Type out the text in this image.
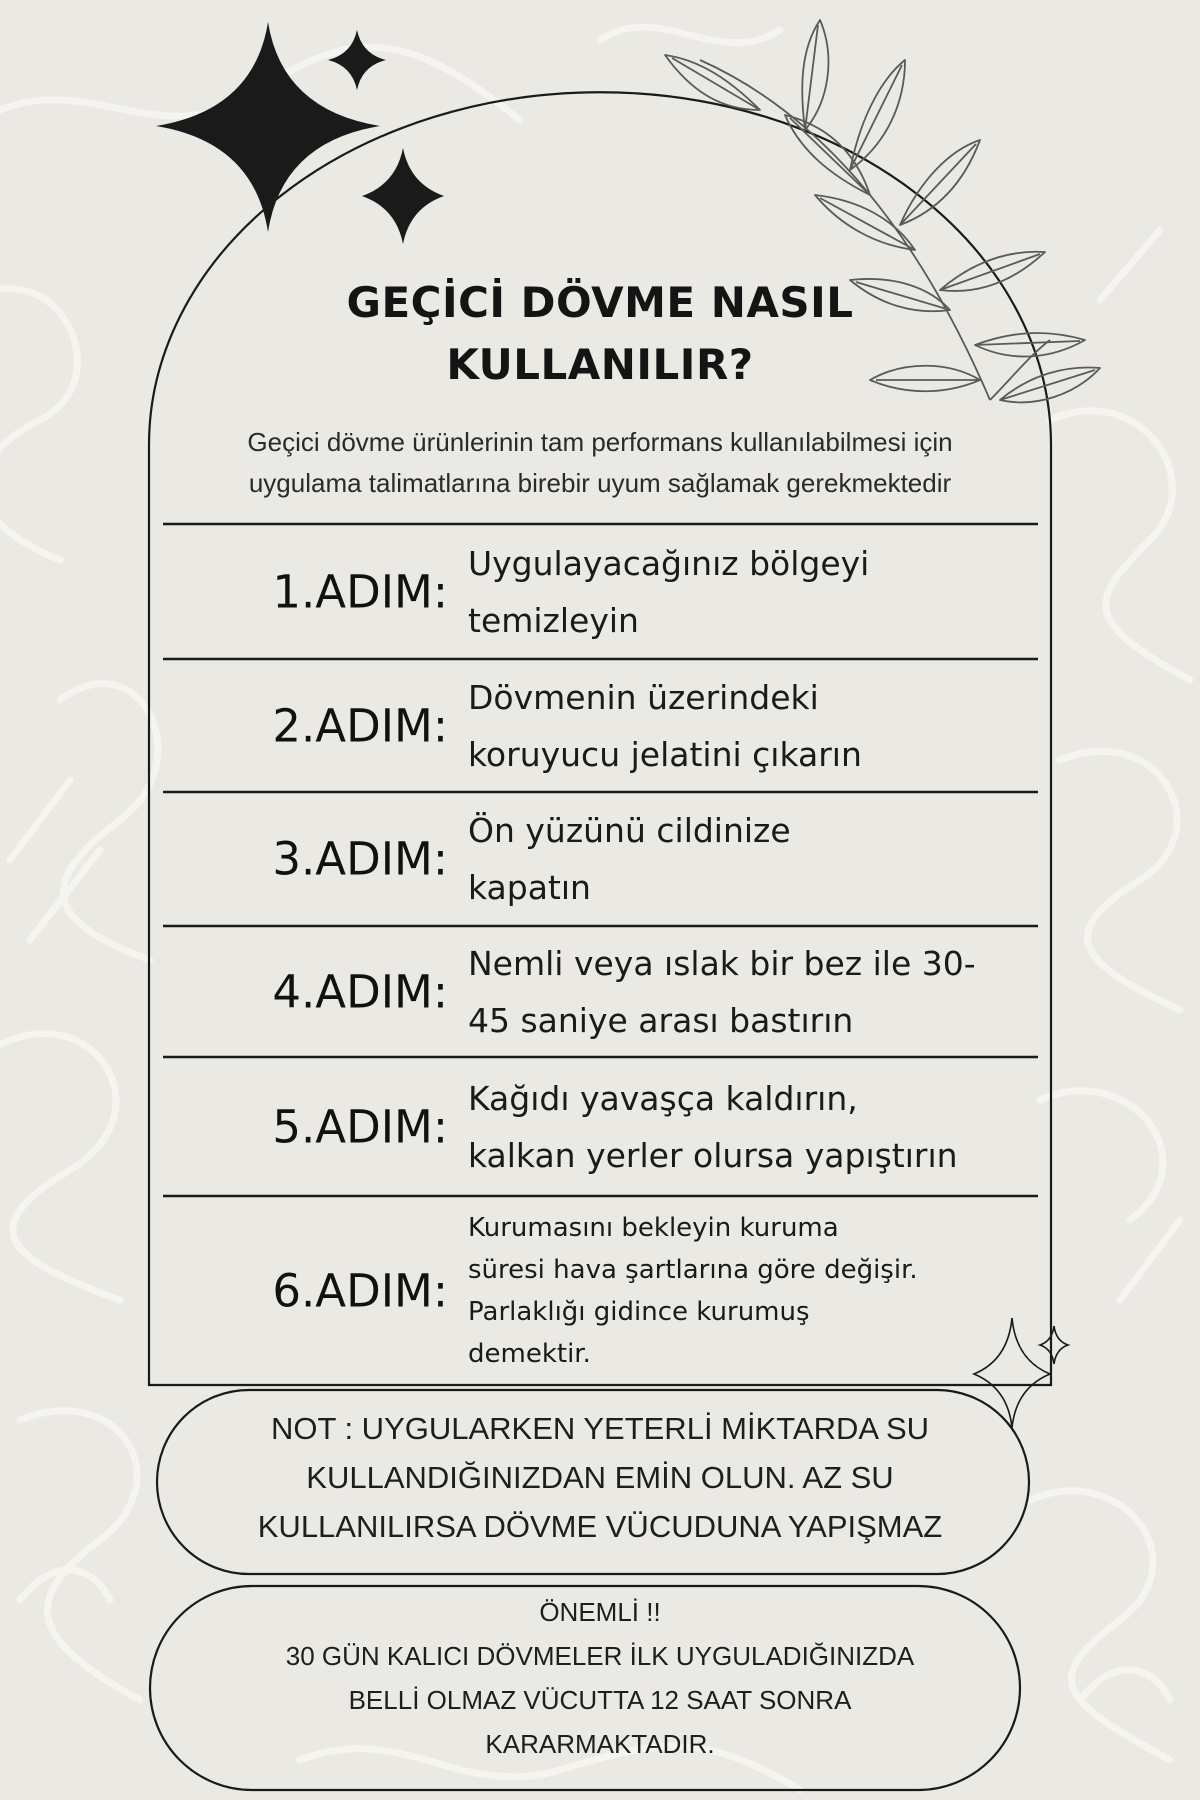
GEÇİCİ DÖVME NASIL
KULLANILIR?
Geçici dövme ürünlerinin tam performans kullanılabilmesi için
uygulama talimatlarına birebir uyum sağlamak gerekmektedir
1.ADIM:
Uygulayacağınız bölgeyi
temizleyin
2.ADIM:
Dövmenin üzerindeki
koruyucu jelatini çıkarın
3.ADIM:
Ön yüzünü cildinize
kapatın
4.ADIM:
Nemli veya ıslak bir bez ile 30-
45 saniye arası bastırın
5.ADIM:
Kağıdı yavaşça kaldırın,
kalkan yerler olursa yapıştırın
6.ADIM:
Kurumasını bekleyin kuruma
süresi hava şartlarına göre değişir.
Parlaklığı gidince kurumuş
demektir.
NOT : UYGULARKEN YETERLİ MİKTARDA SU
KULLANDIĞINIZDAN EMİN OLUN. AZ SU
KULLANILIRSA DÖVME VÜCUDUNA YAPIŞMAZ
ÖNEMLİ !!
30 GÜN KALICI DÖVMELER İLK UYGULADIĞINIZDA
BELLİ OLMAZ VÜCUTTA 12 SAAT SONRA
KARARMAKTADIR.
